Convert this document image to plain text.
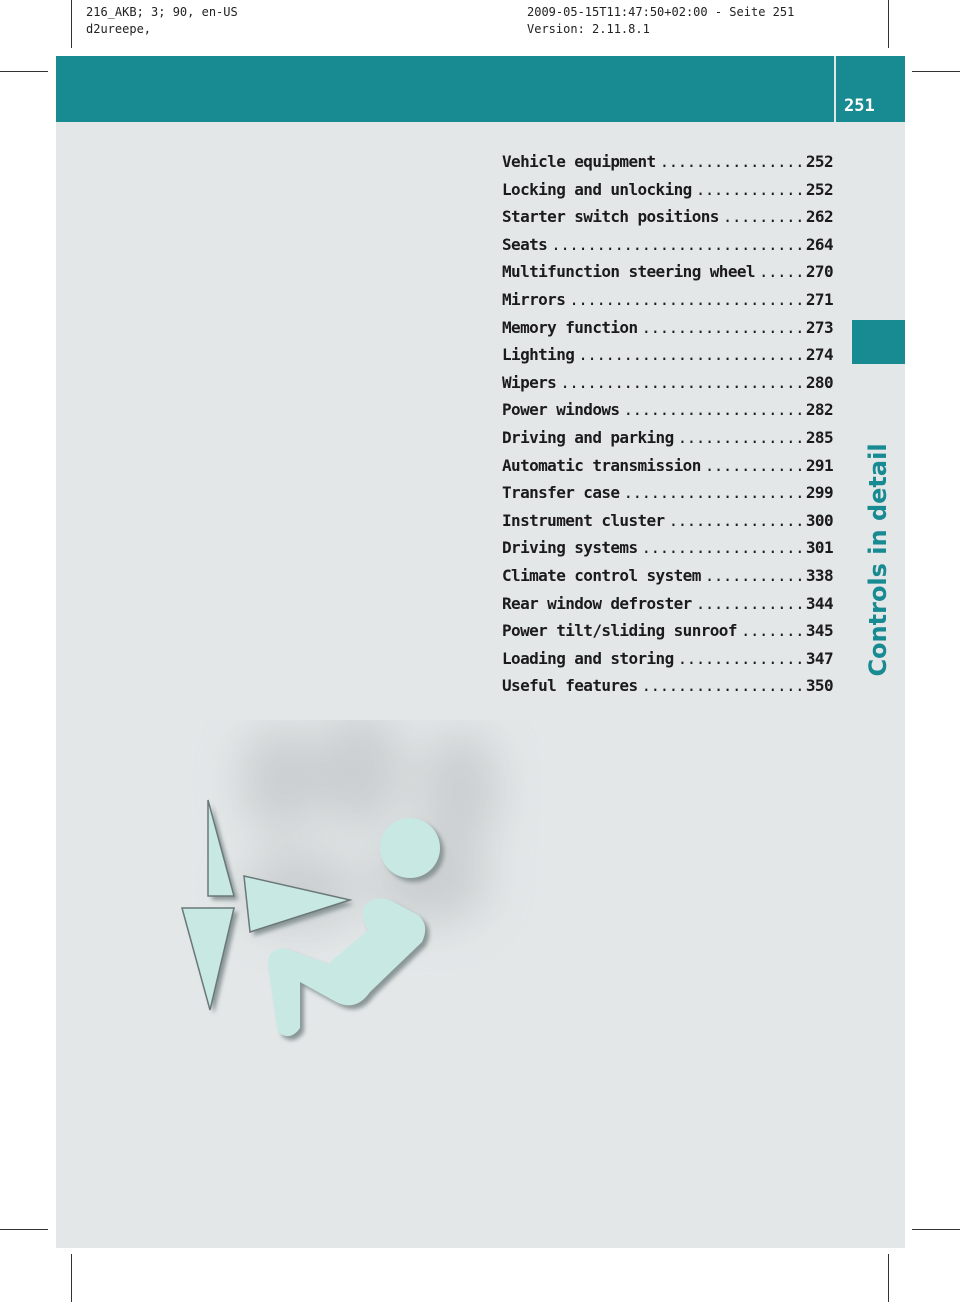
216_AKB; 3; 90, en-US
d2ureepe,
2009-05-15T11:47:50+02:00 - Seite 251
Version: 2.11.8.1
251
Controls in detail
Vehicle equipment .....	252
Locking and unlocking .....	252
Starter switch positions .....	262
Seats .....	264
Multifunction steering wheel .....	270
Mirrors .....	271
Memory function .....	273
Lighting .....	274
Wipers .....	280
Power windows .....	282
Driving and parking .....	285
Automatic transmission .....	291
Transfer case .....	299
Instrument cluster .....	300
Driving systems .....	301
Climate control system .....	338
Rear window defroster .....	344
Power tilt/sliding sunroof .....	345
Loading and storing .....	347
Useful features .....	350
